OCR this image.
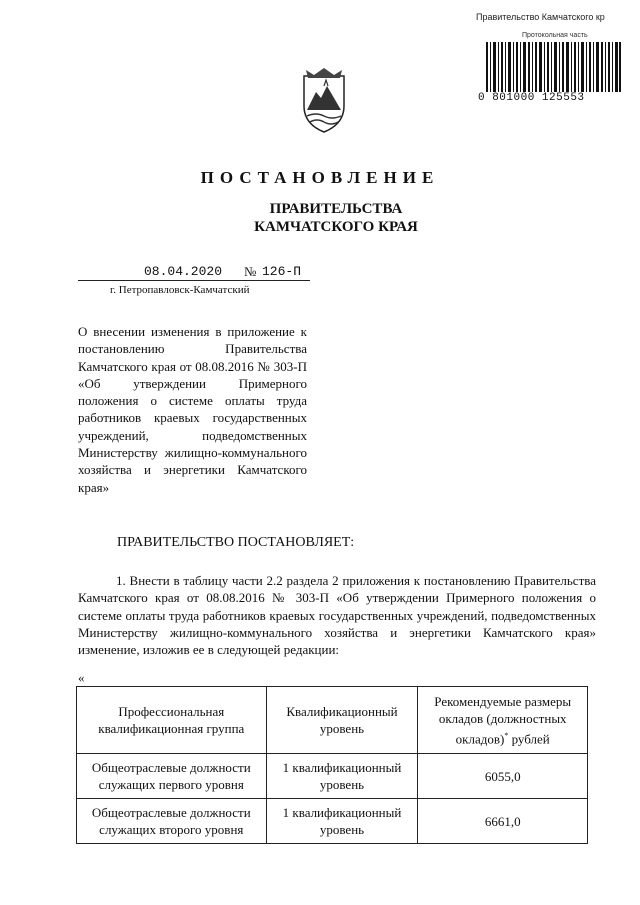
Правительство Камчатского кр
Протокольная часть
0 801000 125553
ПОСТАНОВЛЕНИЕ
ПРАВИТЕЛЬСТВА
КАМЧАТСКОГО КРАЯ
08.04.2020 № 126-П
г. Петропавловск-Камчатский
О внесении изменения в приложение к постановлению Правительства Камчатского края от 08.08.2016 № 303-П «Об утверждении Примерного положения о системе оплаты труда работников краевых государственных учреждений, подведомственных Министерству жилищно-коммунального хозяйства и энергетики Камчатского края»
ПРАВИТЕЛЬСТВО ПОСТАНОВЛЯЕТ:
1. Внести в таблицу части 2.2 раздела 2 приложения к постановлению Правительства Камчатского края от 08.08.2016 № 303-П «Об утверждении Примерного положения о системе оплаты труда работников краевых государственных учреждений, подведомственных Министерству жилищно-коммунального хозяйства и энергетики Камчатского края» изменение, изложив ее в следующей редакции:
«
Профессиональная квалификационная группа	Квалификационный уровень	Рекомендуемые размеры окладов (должностных окладов)* рублей
Общеотраслевые должности служащих первого уровня	1 квалификационный уровень	6055,0
Общеотраслевые должности служащих второго уровня	1 квалификационный уровень	6661,0
